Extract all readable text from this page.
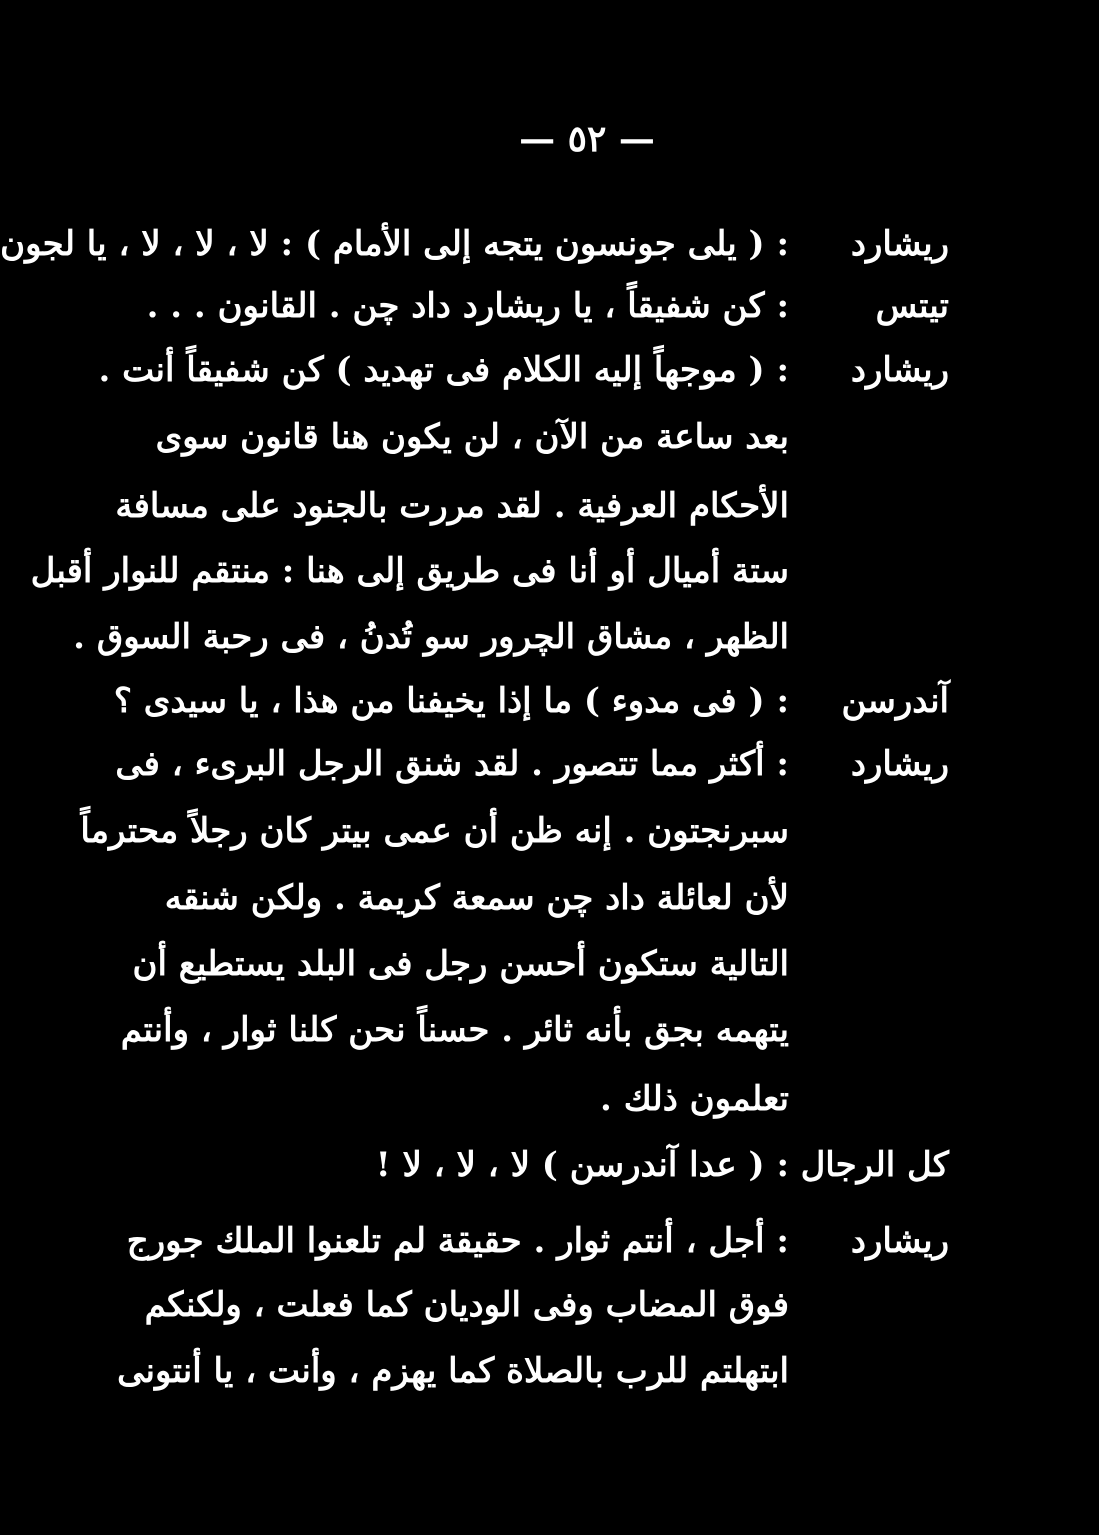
— ٥٢ —
ريشارد
: ( يلى جونسون يتجه إلى الأمام ) : لا ، لا ، لا ، يا لجون
تيتس
: كن شفيقاً ، يا ريشارد داد چن . القانون . . .
ريشارد
: ( موجهاً إليه الكلام فى تهديد ) كن شفيقاً أنت .
بعد ساعة من الآن ، لن يكون هنا قانون سوى
الأحكام العرفية . لقد مررت بالجنود على مسافة
ستة أميال أو أنا فى طريق إلى هنا : منتقم للنوار أقبل
الظهر ، مشاق الچرور سو تُدنُ ، فى رحبة السوق .
آندرسن
: ( فى مدوء ) ما إذا يخيفنا من هذا ، يا سيدى ؟
ريشارد
: أكثر مما تتصور . لقد شنق الرجل البرىء ، فى
سبرنجتون . إنه ظن أن عمى بيتر كان رجلاً محترماً
لأن لعائلة داد چن سمعة كريمة . ولكن شنقه
التالية ستكون أحسن رجل فى البلد يستطيع أن
يتهمه بجق بأنه ثائر . حسناً نحن كلنا ثوار ، وأنتم
تعلمون ذلك .
كل الرجال
: ( عدا آندرسن ) لا ، لا ، لا !
ريشارد
: أجل ، أنتم ثوار . حقيقة لم تلعنوا الملك جورج
فوق المضاب وفى الوديان كما فعلت ، ولكنكم
ابتهلتم للرب بالصلاة كما يهزم ، وأنت ، يا أنتونى
